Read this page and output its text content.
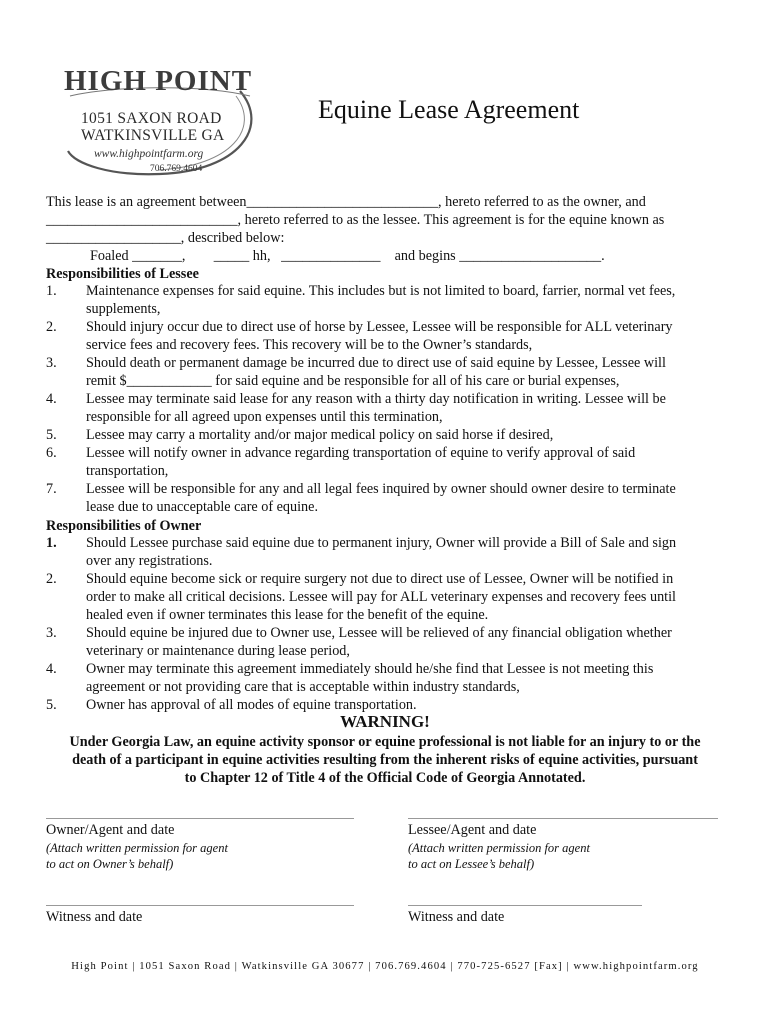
HIGH POINT
1051 SAXON ROAD
WATKINSVILLE GA
www.highpointfarm.org
706.769.4604
Equine Lease Agreement
This lease is an agreement between___________________________, hereto referred to as the owner, and
___________________________, hereto referred to as the lessee. This agreement is for the equine known as
___________________, described below:
Foaled _______,        _____ hh,   ______________    and begins ____________________.
Responsibilities of Lessee
1. Maintenance expenses for said equine. This includes but is not limited to board, farrier, normal vet fees,
supplements,
2. Should injury occur due to direct use of horse by Lessee, Lessee will be responsible for ALL veterinary
service fees and recovery fees. This recovery will be to the Owner’s standards,
3. Should death or permanent damage be incurred due to direct use of said equine by Lessee, Lessee will
remit $____________ for said equine and be responsible for all of his care or burial expenses,
4. Lessee may terminate said lease for any reason with a thirty day notification in writing. Lessee will be
responsible for all agreed upon expenses until this termination,
5. Lessee may carry a mortality and/or major medical policy on said horse if desired,
6. Lessee will notify owner in advance regarding transportation of equine to verify approval of said
transportation,
7. Lessee will be responsible for any and all legal fees inquired by owner should owner desire to terminate
lease due to unacceptable care of equine.
Responsibilities of Owner
1. Should Lessee purchase said equine due to permanent injury, Owner will provide a Bill of Sale and sign
over any registrations.
2. Should equine become sick or require surgery not due to direct use of Lessee, Owner will be notified in
order to make all critical decisions. Lessee will pay for ALL veterinary expenses and recovery fees until
healed even if owner terminates this lease for the benefit of the equine.
3. Should equine be injured due to Owner use, Lessee will be relieved of any financial obligation whether
veterinary or maintenance during lease period,
4. Owner may terminate this agreement immediately should he/she find that Lessee is not meeting this
agreement or not providing care that is acceptable within industry standards,
5. Owner has approval of all modes of equine transportation.
WARNING!
Under Georgia Law, an equine activity sponsor or equine professional is not liable for an injury to or the
death of a participant in equine activities resulting from the inherent risks of equine activities, pursuant
to Chapter 12 of Title 4 of the Official Code of Georgia Annotated.
Owner/Agent and date	Lessee/Agent and date
(Attach written permission for agent
to act on Owner’s behalf)
(Attach written permission for agent
to act on Lessee’s behalf)
Witness and date	Witness and date
High Point | 1051 Saxon Road | Watkinsville GA 30677 | 706.769.4604 | 770-725-6527 [Fax] | www.highpointfarm.org
